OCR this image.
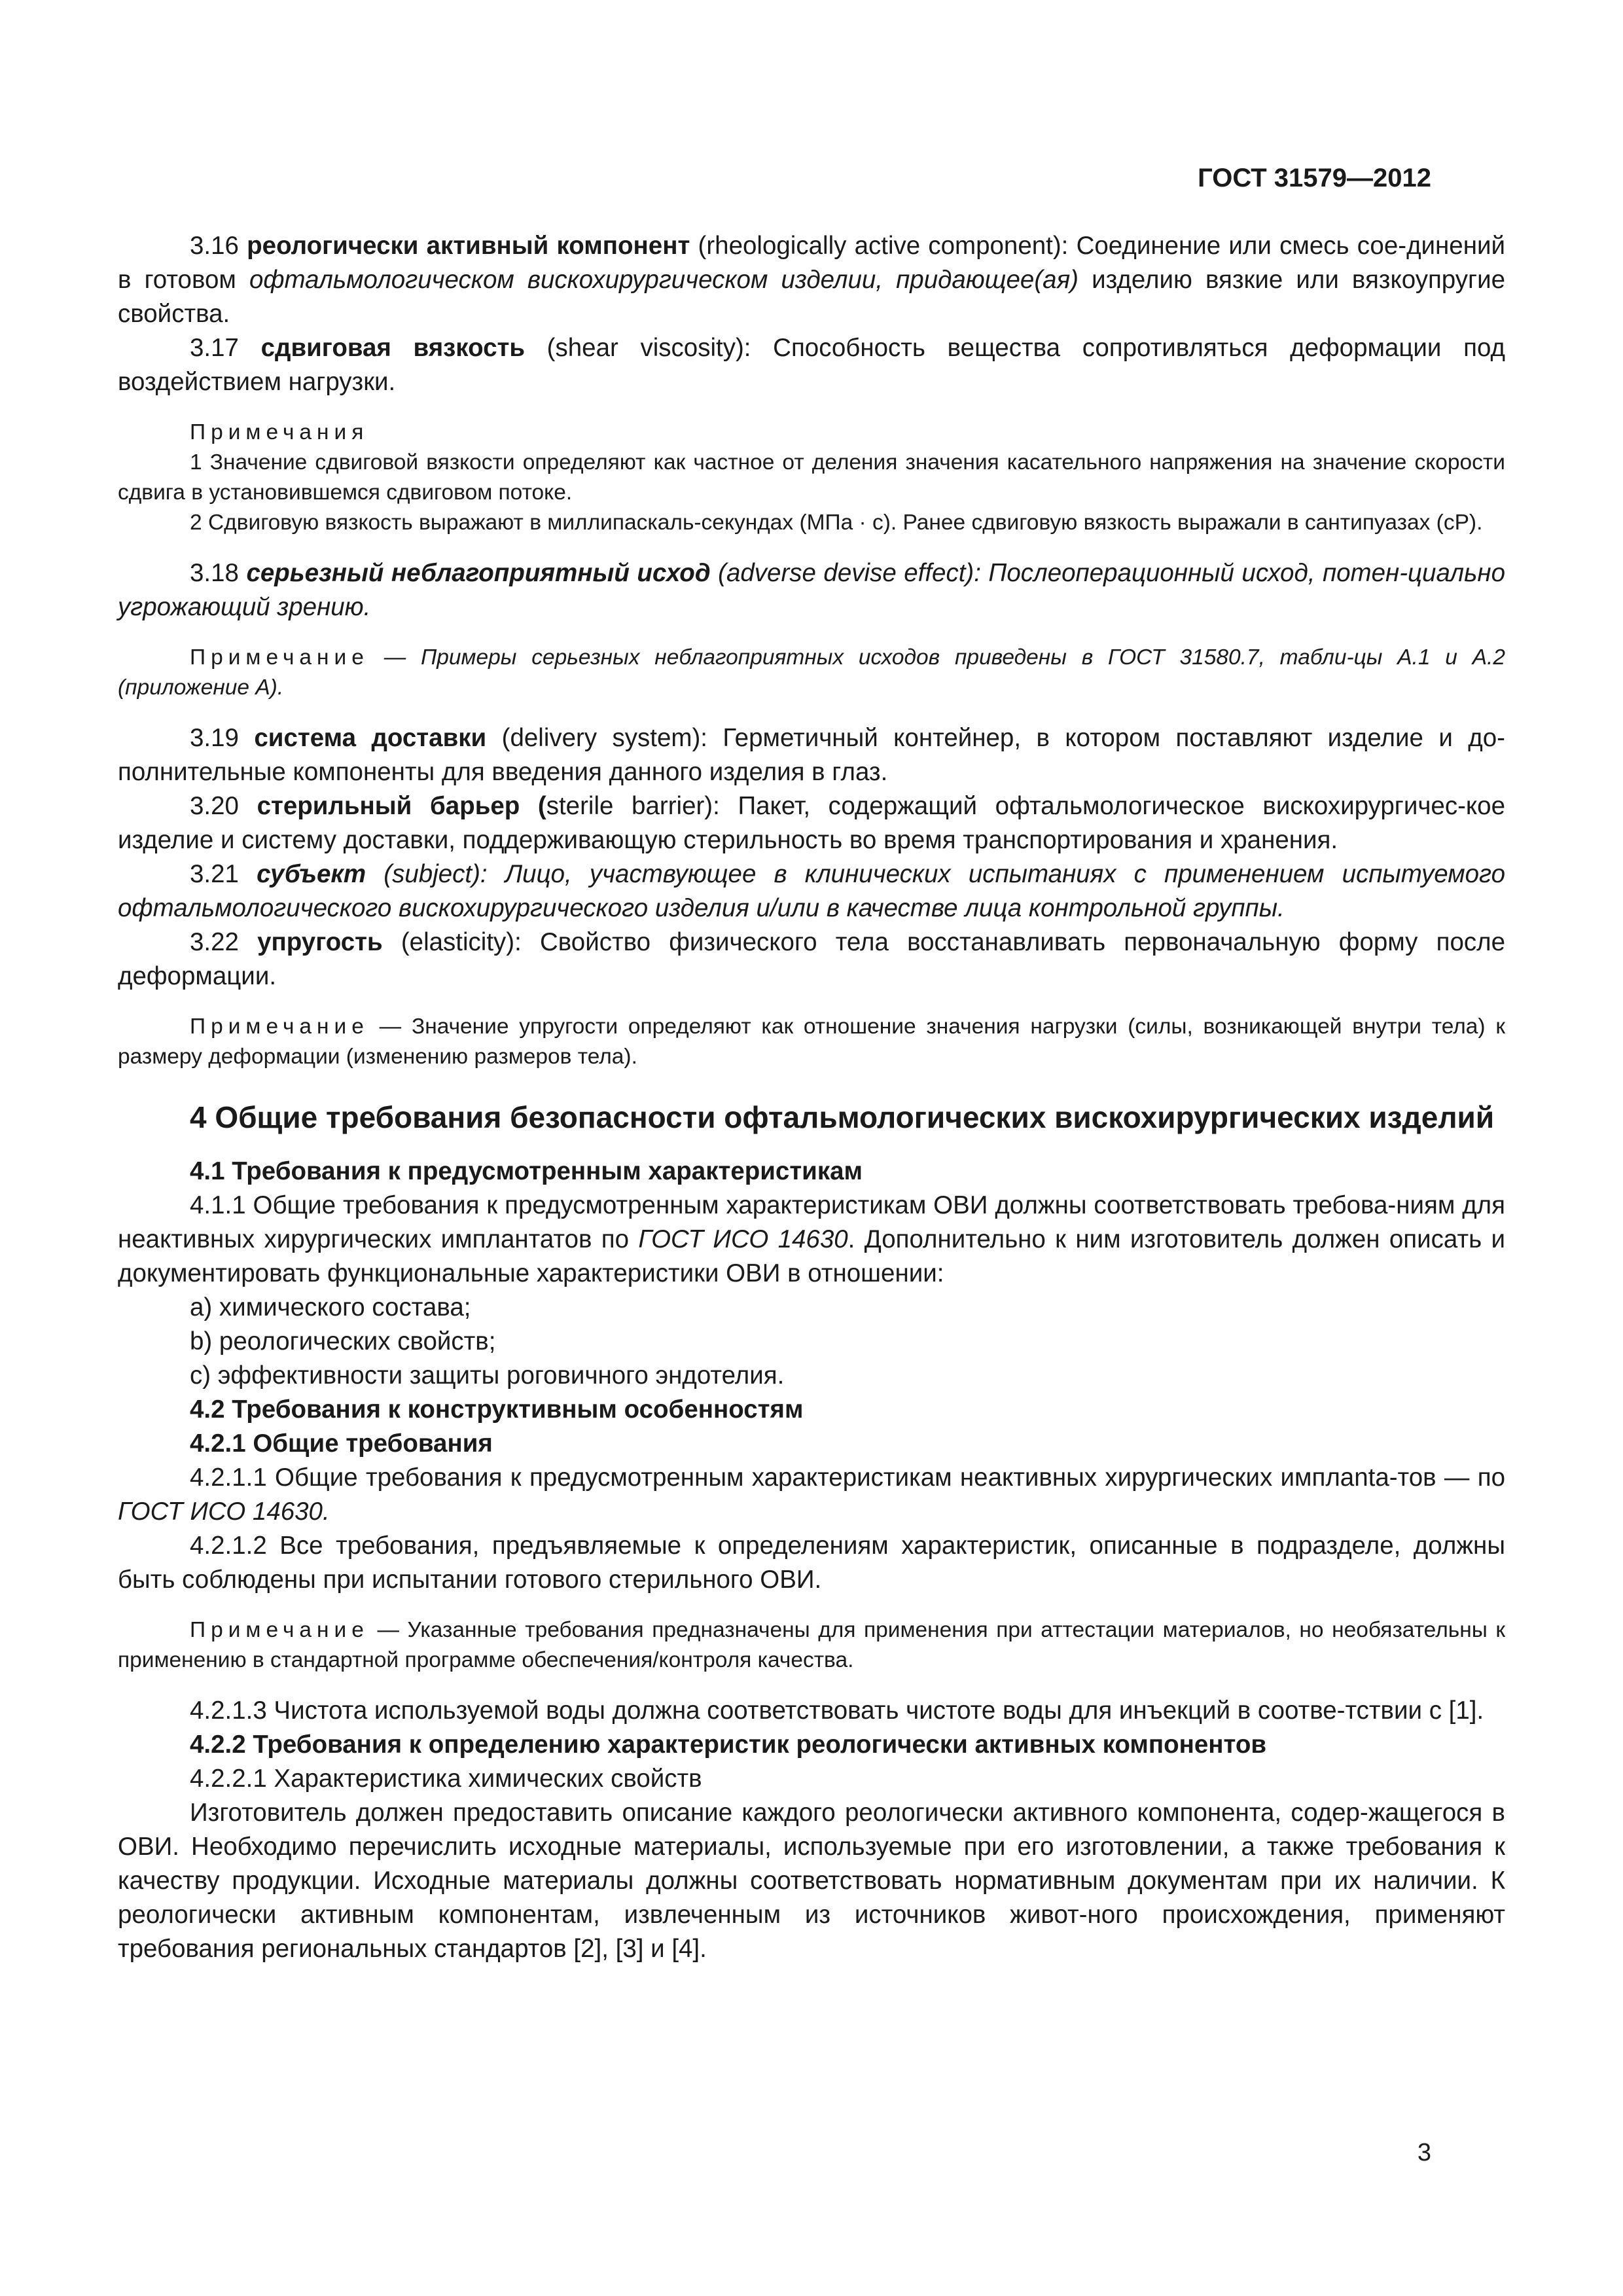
ГОСТ 31579—2012

3.16 реологически активный компонент (rheologically active component): Соединение или смесь сое-динений в готовом офтальмологическом вискохирургическом изделии, придающее(ая) изделию вязкие или вязкоупругие свойства.

3.17 сдвиговая вязкость (shear viscosity): Способность вещества сопротивляться деформации под воздействием нагрузки.

Примечания

1 Значение сдвиговой вязкости определяют как частное от деления значения касательного напряжения на значение скорости сдвига в установившемся сдвиговом потоке.

2 Сдвиговую вязкость выражают в миллипаскаль-секундах (МПа · с). Ранее сдвиговую вязкость выражали в сантипуазах (сР).

3.18 серьезный неблагоприятный исход (adverse devise effect): Послеоперационный исход, потен-циально угрожающий зрению.

Примечание — Примеры серьезных неблагоприятных исходов приведены в ГОСТ 31580.7, табли-цы А.1 и А.2 (приложение А).

3.19 система доставки (delivery system): Герметичный контейнер, в котором поставляют изделие и до-полнительные компоненты для введения данного изделия в глаз.

3.20 стерильный барьер (sterile barrier): Пакет, содержащий офтальмологическое вискохирургичес-кое изделие и систему доставки, поддерживающую стерильность во время транспортирования и хранения.

3.21 субъект (subject): Лицо, участвующее в клинических испытаниях с применением испытуемого офтальмологического вискохирургического изделия и/или в качестве лица контрольной группы.

3.22 упругость (elasticity): Свойство физического тела восстанавливать первоначальную форму после деформации.

Примечание — Значение упругости определяют как отношение значения нагрузки (силы, возникающей внутри тела) к размеру деформации (изменению размеров тела).

4 Общие требования безопасности офтальмологических вискохирургических изделий

4.1 Требования к предусмотренным характеристикам

4.1.1 Общие требования к предусмотренным характеристикам ОВИ должны соответствовать требова-ниям для неактивных хирургических имплантатов по ГОСТ ИСО 14630. Дополнительно к ним изготовитель должен описать и документировать функциональные характеристики ОВИ в отношении:

a) химического состава;

b) реологических свойств;

c) эффективности защиты роговичного эндотелия.

4.2 Требования к конструктивным особенностям

4.2.1 Общие требования

4.2.1.1 Общие требования к предусмотренным характеристикам неактивных хирургических имплanta-тов — по ГОСТ ИСО 14630.

4.2.1.2 Все требования, предъявляемые к определениям характеристик, описанные в подразделе, должны быть соблюдены при испытании готового стерильного ОВИ.

Примечание — Указанные требования предназначены для применения при аттестации материалов, но необязательны к применению в стандартной программе обеспечения/контроля качества.

4.2.1.3 Чистота используемой воды должна соответствовать чистоте воды для инъекций в соотве-тствии с [1].

4.2.2 Требования к определению характеристик реологически активных компонентов

4.2.2.1 Характеристика химических свойств

Изготовитель должен предоставить описание каждого реологически активного компонента, содер-жащегося в ОВИ. Необходимо перечислить исходные материалы, используемые при его изготовлении, а также требования к качеству продукции. Исходные материалы должны соответствовать нормативным документам при их наличии. К реологически активным компонентам, извлеченным из источников живот-ного происхождения, применяют требования региональных стандартов [2], [3] и [4].

3
